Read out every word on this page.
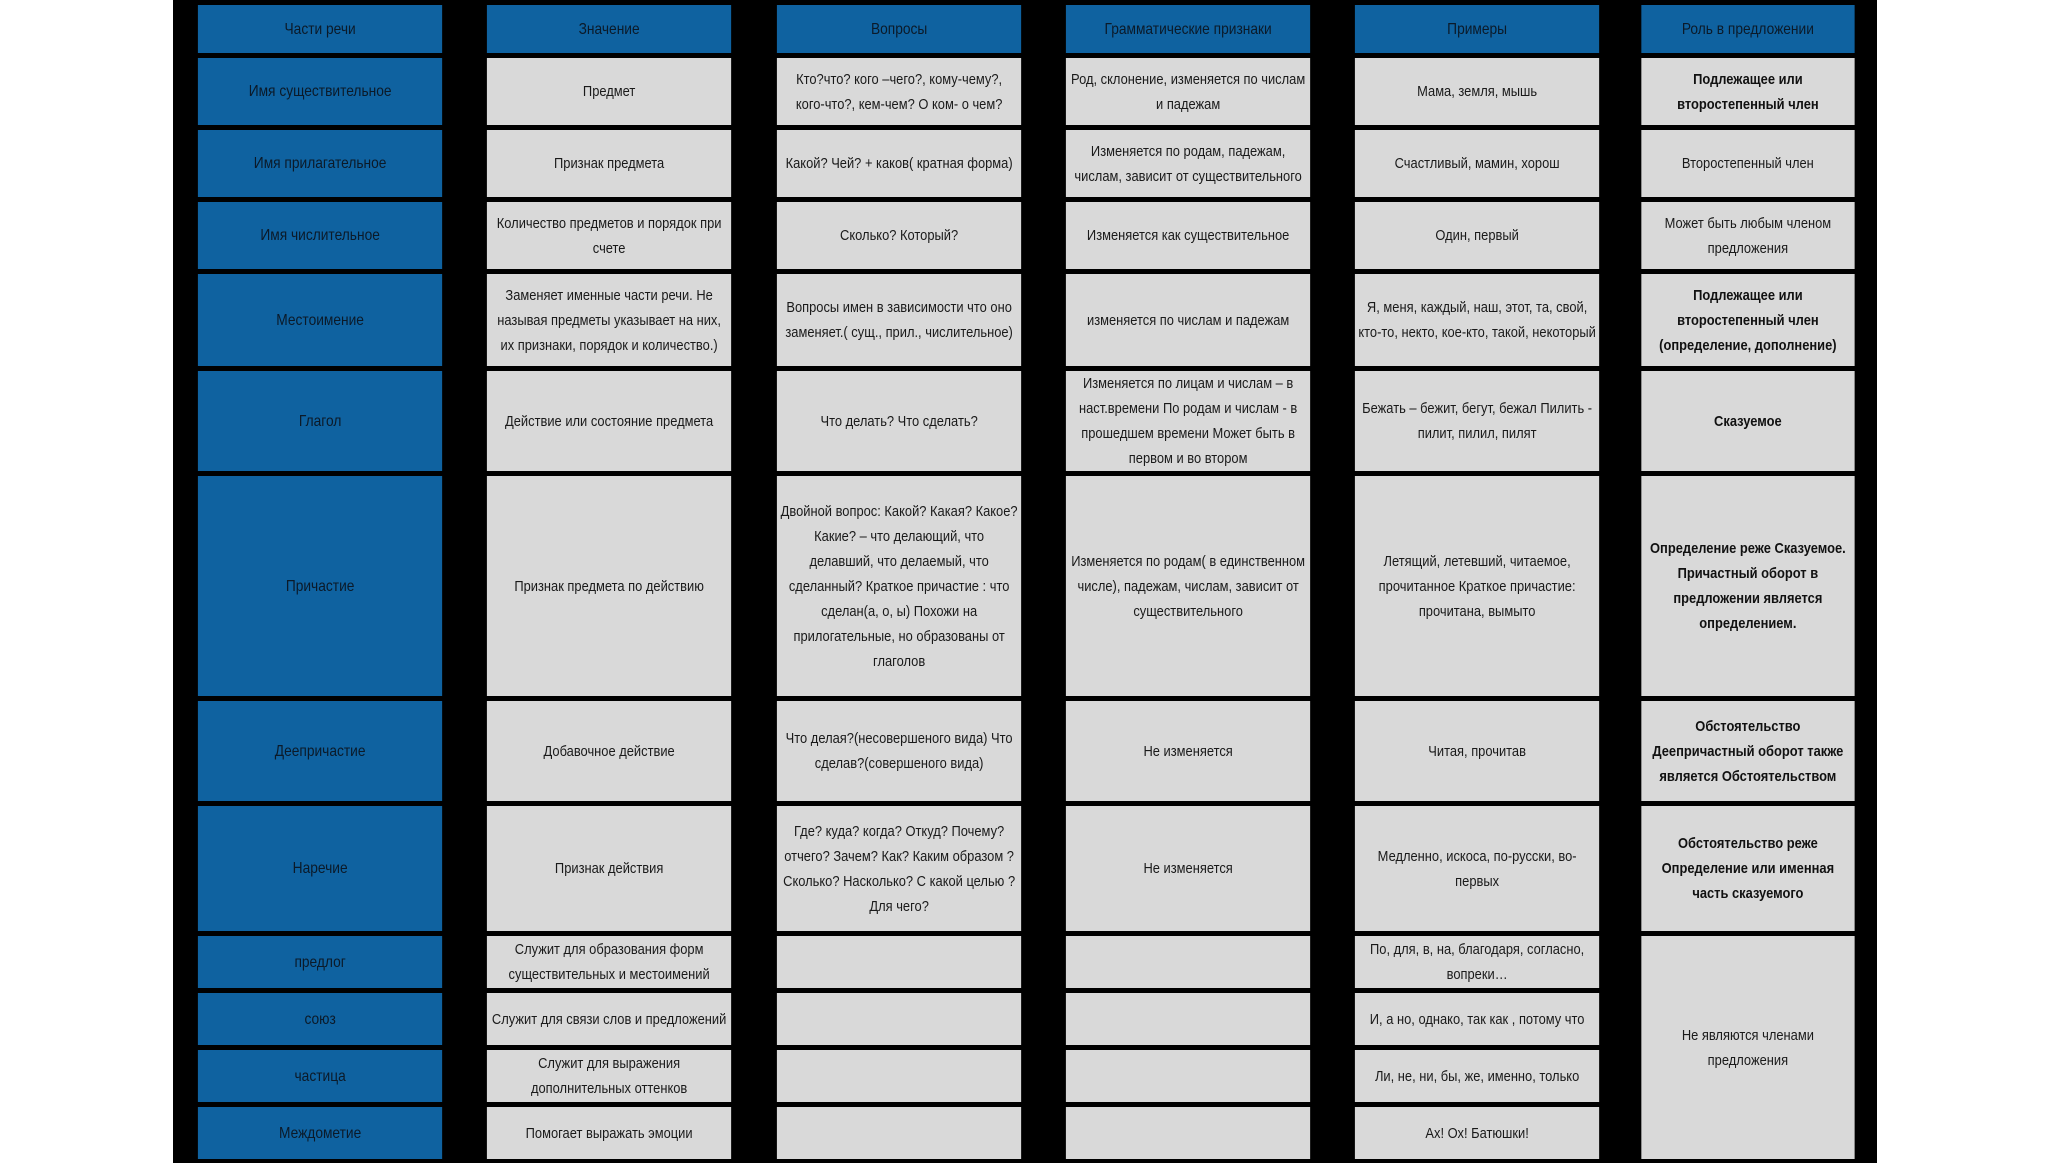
Части речи	Значение	Вопросы	Грамматические признаки	Примеры	Роль в предложении
Имя существительное	Предмет	Кто?что? кого –чего?, кому-чему?, кого-что?, кем-чем? О ком- о чем?	Род, склонение, изменяется по числам и падежам	Мама, земля, мышь	Подлежащее или второстепенный член
Имя прилагательное	Признак предмета	Какой? Чей? + каков( кратная форма)	Изменяется по родам, падежам, числам, зависит от существительного	Счастливый, мамин, хорош	Второстепенный член
Имя числительное	Количество предметов и порядок при счете	Сколько? Который?	Изменяется как существительное	Один, первый	Может быть любым членом предложения
Местоимение	Заменяет именные части речи. Не называя предметы указывает на них, их признаки, порядок и количество.)	Вопросы имен в зависимости что оно заменяет.( сущ., прил., числительное)	изменяется по числам и падежам	Я, меня, каждый, наш, этот, та, свой, кто-то, некто, кое-кто, такой, некоторый	Подлежащее или второстепенный член (определение, дополнение)
Глагол	Действие или состояние предмета	Что делать? Что сделать?	Изменяется по лицам и числам – в наст.времени По родам и числам - в прошедшем времени Может быть в первом и во втором	Бежать – бежит, бегут, бежал Пилить - пилит, пилил, пилят	Сказуемое
Причастие	Признак предмета по действию	Двойной вопрос: Какой? Какая? Какое? Какие? – что делающий, что делавший, что делаемый, что сделанный? Краткое причастие : что сделан(а, о, ы) Похожи на прилогательные, но образованы от глаголов	Изменяется по родам( в единственном числе), падежам, числам, зависит от существительного	Летящий, летевший, читаемое, прочитанное Краткое причастие: прочитана, вымыто	Определение реже Сказуемое. Причастный оборот в предложении является определением.
Деепричастие	Добавочное действие	Что делая?(несовершеного вида) Что сделав?(совершеного вида)	Не изменяется	Читая, прочитав	Обстоятельство Деепричастный оборот также является Обстоятельством
Наречие	Признак действия	Где? куда? когда? Откуд? Почему? отчего? Зачем? Как? Каким образом ? Сколько? Насколько? С какой целью ? Для чего?	Не изменяется	Медленно, искоса, по-русски, во-первых	Обстоятельство реже Определение или именная часть сказуемого
предлог	Служит для образования форм существительных и местоимений			По, для, в, на, благодаря, согласно, вопреки…	Не являются членами предложения
союз	Служит для связи слов и предложений			И, а но, однако, так как , потому что	
частица	Служит для выражения дополнительных оттенков			Ли, не, ни, бы, же, именно, только	
Междометие	Помогает выражать эмоции			Ах! Ох! Батюшки!	
